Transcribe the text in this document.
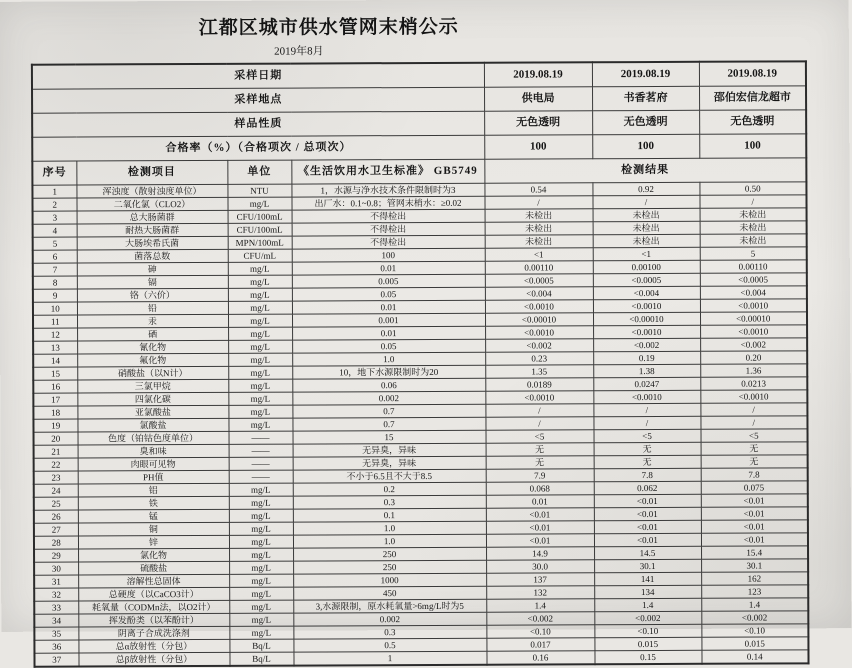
江都区城市供水管网末梢公示
2019年8月
采样日期				2019.08.19	2019.08.19	2019.08.19
采样地点				供电局	书香茗府	邵伯宏信龙超市
样品性质				无色透明	无色透明	无色透明
合格率（%）（合格项次 / 总项次）				100	100	100
序号	检测项目	单位	《生活饮用水卫生标准》 GB5749	检测结果		
1	浑浊度（散射浊度单位）	NTU	1，水源与净水技术条件限制时为3	0.54	0.92	0.50
2	二氧化氯（CLO2）	mg/L	出厂水：0.1~0.8；管网末梢水：≥0.02	/	/	/
3	总大肠菌群	CFU/100mL	不得检出	未检出	未检出	未检出
4	耐热大肠菌群	CFU/100mL	不得检出	未检出	未检出	未检出
5	大肠埃希氏菌	MPN/100mL	不得检出	未检出	未检出	未检出
6	菌落总数	CFU/mL	100	<1	<1	5
7	砷	mg/L	0.01	0.00110	0.00100	0.00110
8	镉	mg/L	0.005	<0.0005	<0.0005	<0.0005
9	铬（六价）	mg/L	0.05	<0.004	<0.004	<0.004
10	铅	mg/L	0.01	<0.0010	<0.0010	<0.0010
11	汞	mg/L	0.001	<0.00010	<0.00010	<0.00010
12	硒	mg/L	0.01	<0.0010	<0.0010	<0.0010
13	氰化物	mg/L	0.05	<0.002	<0.002	<0.002
14	氟化物	mg/L	1.0	0.23	0.19	0.20
15	硝酸盐（以N计）	mg/L	10，地下水源限制时为20	1.35	1.38	1.36
16	三氯甲烷	mg/L	0.06	0.0189	0.0247	0.0213
17	四氯化碳	mg/L	0.002	<0.0010	<0.0010	<0.0010
18	亚氯酸盐	mg/L	0.7	/	/	/
19	氯酸盐	mg/L	0.7	/	/	/
20	色度（铂钴色度单位）	——	15	<5	<5	<5
21	臭和味	——	无异臭，异味	无	无	无
22	肉眼可见物	——	无异臭，异味	无	无	无
23	PH值	——	不小于6.5且不大于8.5	7.9	7.8	7.8
24	铝	mg/L	0.2	0.068	0.062	0.075
25	铁	mg/L	0.3	0.01	<0.01	<0.01
26	锰	mg/L	0.1	<0.01	<0.01	<0.01
27	铜	mg/L	1.0	<0.01	<0.01	<0.01
28	锌	mg/L	1.0	<0.01	<0.01	<0.01
29	氯化物	mg/L	250	14.9	14.5	15.4
30	硫酸盐	mg/L	250	30.0	30.1	30.1
31	溶解性总固体	mg/L	1000	137	141	162
32	总硬度（以CaCO3计）	mg/L	450	132	134	123
33	耗氧量（CODMn法，以O2计）	mg/L	3,水源限制，原水耗氧量>6mg/L时为5	1.4	1.4	1.4
34	挥发酚类（以苯酚计）	mg/L	0.002	<0.002	<0.002	<0.002
35	阴离子合成洗涤剂	mg/L	0.3	<0.10	<0.10	<0.10
36	总α放射性（分包）	Bq/L	0.5	0.017	0.015	0.015
37	总β放射性（分包）	Bq/L	1	0.16	0.15	0.14
